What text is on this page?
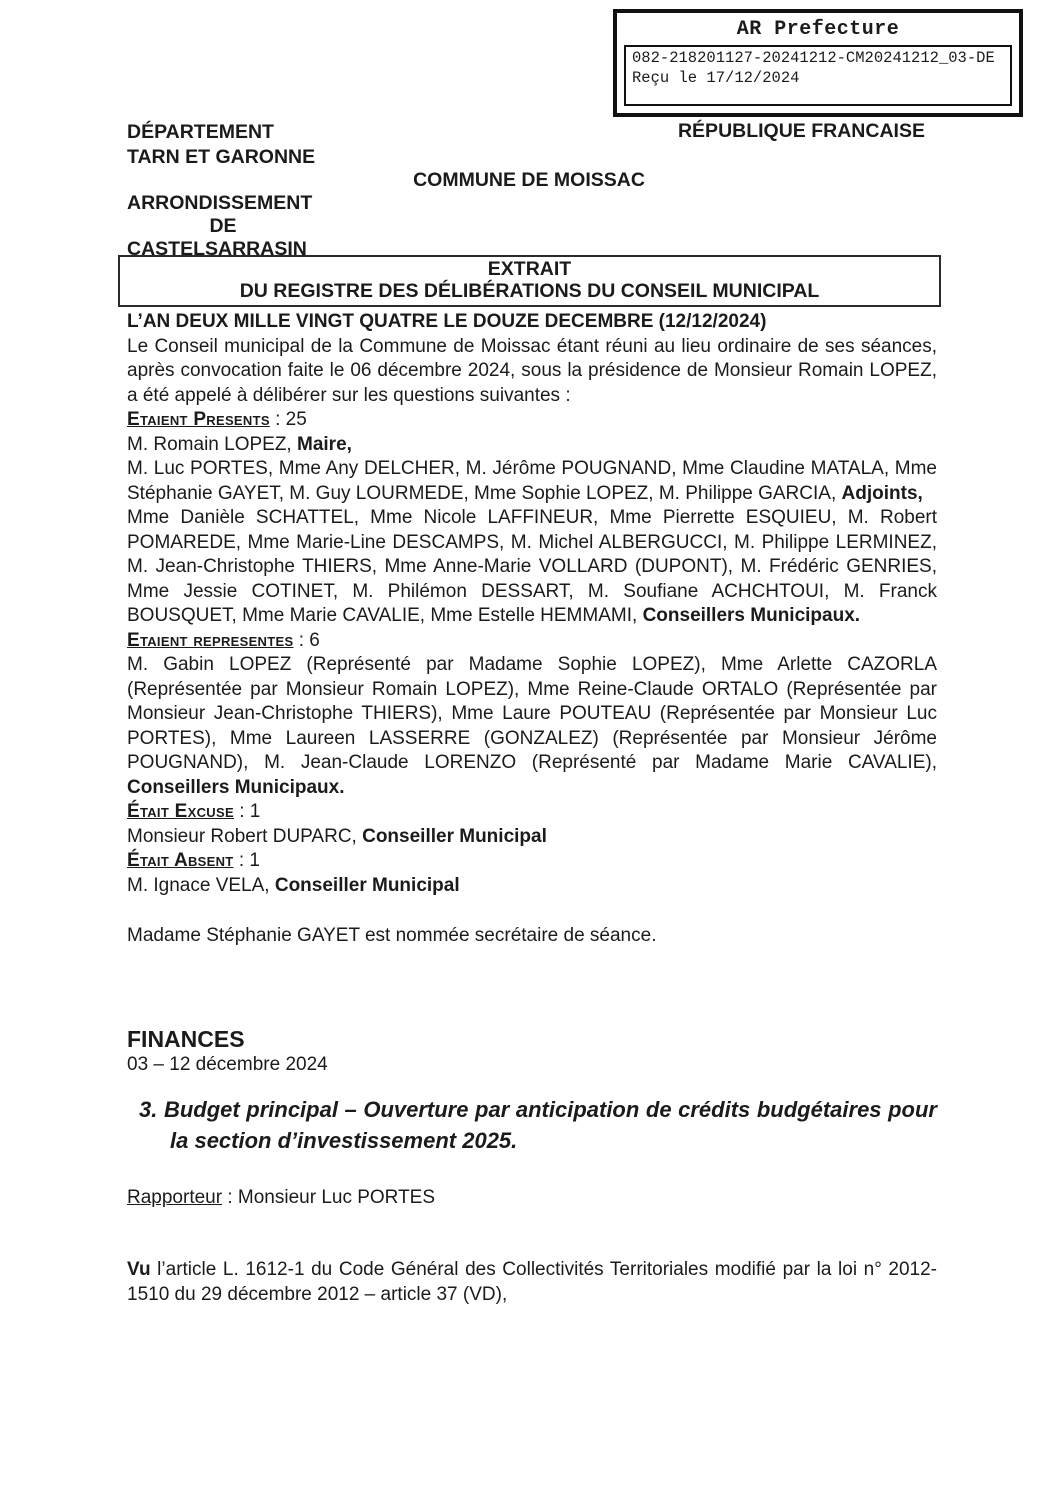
AR Prefecture
082-218201127-20241212-CM20241212_03-DE
Reçu le 17/12/2024
DÉPARTEMENT
TARN ET GARONNE
RÉPUBLIQUE FRANCAISE
COMMUNE DE MOISSAC
ARRONDISSEMENT
DE
CASTELSARRASIN
EXTRAIT
DU REGISTRE DES DÉLIBÉRATIONS DU CONSEIL MUNICIPAL

L’AN DEUX MILLE VINGT QUATRE LE DOUZE DECEMBRE (12/12/2024)

Le Conseil municipal de la Commune de Moissac étant réuni au lieu ordinaire de ses séances, après convocation faite le 06 décembre 2024, sous la présidence de Monsieur Romain LOPEZ, a été appelé à délibérer sur les questions suivantes :

Etaient Presents : 25

M. Romain LOPEZ, Maire,

M. Luc PORTES, Mme Any DELCHER, M. Jérôme POUGNAND, Mme Claudine MATALA, Mme Stéphanie GAYET, M. Guy LOURMEDE, Mme Sophie LOPEZ, M. Philippe GARCIA, Adjoints,

Mme Danièle SCHATTEL, Mme Nicole LAFFINEUR, Mme Pierrette ESQUIEU, M. Robert POMAREDE, Mme Marie-Line DESCAMPS, M. Michel ALBERGUCCI, M. Philippe LERMINEZ, M. Jean-Christophe THIERS, Mme Anne-Marie VOLLARD (DUPONT), M. Frédéric GENRIES, Mme Jessie COTINET, M. Philémon DESSART, M. Soufiane ACHCHTOUI, M. Franck BOUSQUET, Mme Marie CAVALIE, Mme Estelle HEMMAMI, Conseillers Municipaux.

Etaient representes : 6

M. Gabin LOPEZ (Représenté par Madame Sophie LOPEZ), Mme Arlette CAZORLA (Représentée par Monsieur Romain LOPEZ), Mme Reine-Claude ORTALO (Représentée par Monsieur Jean-Christophe THIERS), Mme Laure POUTEAU (Représentée par Monsieur Luc PORTES), Mme Laureen LASSERRE (GONZALEZ) (Représentée par Monsieur Jérôme POUGNAND), M. Jean-Claude LORENZO (Représenté par Madame Marie CAVALIE), Conseillers Municipaux.

Était Excuse : 1

Monsieur Robert DUPARC, Conseiller Municipal

Était Absent : 1

M. Ignace VELA, Conseiller Municipal

Madame Stéphanie GAYET est nommée secrétaire de séance.

FINANCES

03 – 12 décembre 2024

3. Budget principal – Ouverture par anticipation de crédits budgétaires pour la section d’investissement 2025.

Rapporteur : Monsieur Luc PORTES

Vu l’article L. 1612-1 du Code Général des Collectivités Territoriales modifié par la loi n° 2012-1510 du 29 décembre 2012 – article 37 (VD),
